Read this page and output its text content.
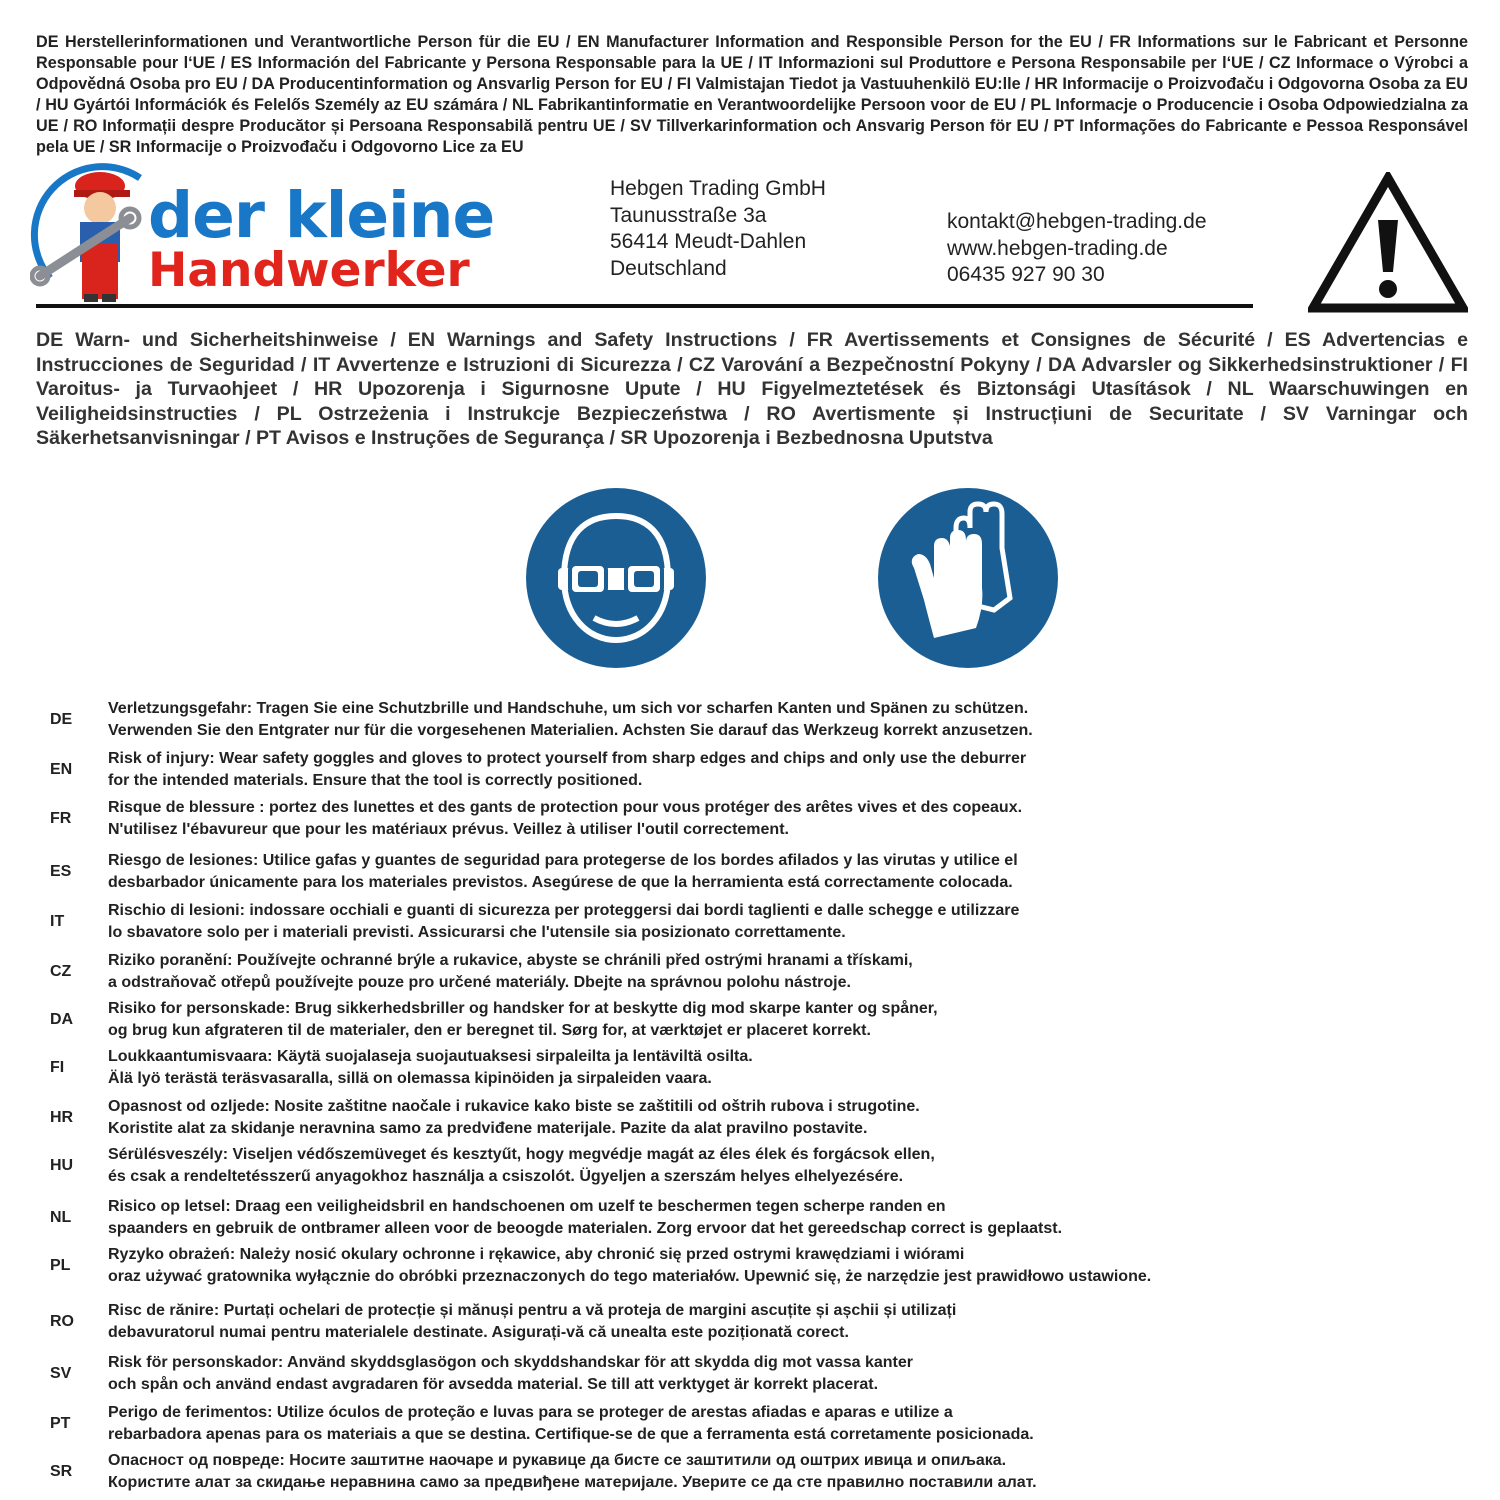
DE Herstellerinformationen und Verantwortliche Person für die EU / EN Manufacturer Information and Responsible Person for the EU / FR Informations sur le Fabricant et Personne Responsable pour l‘UE / ES Información del Fabricante y Persona Responsable para la UE / IT Informazioni sul Produttore e Persona Responsabile per l‘UE / CZ Informace o Výrobci a Odpovědná Osoba pro EU / DA Producentinformation og Ansvarlig Person for EU / FI Valmistajan Tiedot ja Vastuuhenkilö EU:lle / HR Informacije o Proizvođaču i Odgovorna Osoba za EU / HU Gyártói Információk és Felelős Személy az EU számára / NL Fabrikantinformatie en Verantwoordelijke Persoon voor de EU / PL Informacje o Producencie i Osoba Odpowiedzialna za UE / RO Informații despre Producător și Persoana Responsabilă pentru UE / SV Tillverkarinformation och Ansvarig Person för EU / PT Informações do Fabricante e Pessoa Responsável pela UE / SR Informacije o Proizvođaču i Odgovorno Lice za EU
der kleine
Handwerker
Hebgen Trading GmbH
Taunusstraße 3a
56414 Meudt-Dahlen
Deutschland
kontakt@hebgen-trading.de
www.hebgen-trading.de
06435 927 90 30
DE Warn- und Sicherheitshinweise / EN Warnings and Safety Instructions / FR Avertissements et Consignes de Sécurité / ES Advertencias e Instrucciones de Seguridad / IT Avvertenze e Istruzioni di Sicurezza / CZ Varování a Bezpečnostní Pokyny / DA Advarsler og Sikkerhedsinstruktioner / FI Varoitus- ja Turvaohjeet / HR Upozorenja i Sigurnosne Upute / HU Figyelmeztetések és Biztonsági Utasítások / NL Waarschuwingen en Veiligheidsinstructies / PL Ostrzeżenia i Instrukcje Bezpieczeństwa / RO Avertismente și Instrucțiuni de Securitate / SV Varningar och Säkerhetsanvisningar / PT Avisos e Instruções de Segurança / SR Upozorenja i Bezbednosna Uputstva
DE
Verletzungsgefahr: Tragen Sie eine Schutzbrille und Handschuhe, um sich vor scharfen Kanten und Spänen zu schützen.
Verwenden Sie den Entgrater nur für die vorgesehenen Materialien. Achsten Sie darauf das Werkzeug korrekt anzusetzen.
EN
Risk of injury: Wear safety goggles and gloves to protect yourself from sharp edges and chips and only use the deburrer
for the intended materials. Ensure that the tool is correctly positioned.
FR
Risque de blessure : portez des lunettes et des gants de protection pour vous protéger des arêtes vives et des copeaux.
N'utilisez l'ébavureur que pour les matériaux prévus. Veillez à utiliser l'outil correctement.
ES
Riesgo de lesiones: Utilice gafas y guantes de seguridad para protegerse de los bordes afilados y las virutas y utilice el
desbarbador únicamente para los materiales previstos. Asegúrese de que la herramienta está correctamente colocada.
IT
Rischio di lesioni: indossare occhiali e guanti di sicurezza per proteggersi dai bordi taglienti e dalle schegge e utilizzare
lo sbavatore solo per i materiali previsti. Assicurarsi che l'utensile sia posizionato correttamente.
CZ
Riziko poranění: Používejte ochranné brýle a rukavice, abyste se chránili před ostrými hranami a třískami,
a odstraňovač otřepů používejte pouze pro určené materiály. Dbejte na správnou polohu nástroje.
DA
Risiko for personskade: Brug sikkerhedsbriller og handsker for at beskytte dig mod skarpe kanter og spåner,
og brug kun afgrateren til de materialer, den er beregnet til. Sørg for, at værktøjet er placeret korrekt.
FI
Loukkaantumisvaara: Käytä suojalaseja suojautuaksesi sirpaleilta ja lentäviltä osilta.
Älä lyö terästä teräsvasaralla, sillä on olemassa kipinöiden ja sirpaleiden vaara.
HR
Opasnost od ozljede: Nosite zaštitne naočale i rukavice kako biste se zaštitili od oštrih rubova i strugotine.
Koristite alat za skidanje neravnina samo za predviđene materijale. Pazite da alat pravilno postavite.
HU
Sérülésveszély: Viseljen védőszemüveget és kesztyűt, hogy megvédje magát az éles élek és forgácsok ellen,
és csak a rendeltetésszerű anyagokhoz használja a csiszolót. Ügyeljen a szerszám helyes elhelyezésére.
NL
Risico op letsel: Draag een veiligheidsbril en handschoenen om uzelf te beschermen tegen scherpe randen en
spaanders en gebruik de ontbramer alleen voor de beoogde materialen. Zorg ervoor dat het gereedschap correct is geplaatst.
PL
Ryzyko obrażeń: Należy nosić okulary ochronne i rękawice, aby chronić się przed ostrymi krawędziami i wiórami
oraz używać gratownika wyłącznie do obróbki przeznaczonych do tego materiałów. Upewnić się, że narzędzie jest prawidłowo ustawione.
RO
Risc de rănire: Purtați ochelari de protecție și mănuși pentru a vă proteja de margini ascuțite și așchii și utilizați
debavuratorul numai pentru materialele destinate. Asigurați-vă că unealta este poziționată corect.
SV
Risk för personskador: Använd skyddsglasögon och skyddshandskar för att skydda dig mot vassa kanter
och spån och använd endast avgradaren för avsedda material. Se till att verktyget är korrekt placerat.
PT
Perigo de ferimentos: Utilize óculos de proteção e luvas para se proteger de arestas afiadas e aparas e utilize a
rebarbadora apenas para os materiais a que se destina. Certifique-se de que a ferramenta está corretamente posicionada.
SR
Опасност од повреде: Носите заштитне наочаре и рукавице да бисте се заштитили од оштрих ивица и опиљака.
Користите алат за скидање неравнина само за предвиђене материјале. Уверите се да сте правилно поставили алат.
